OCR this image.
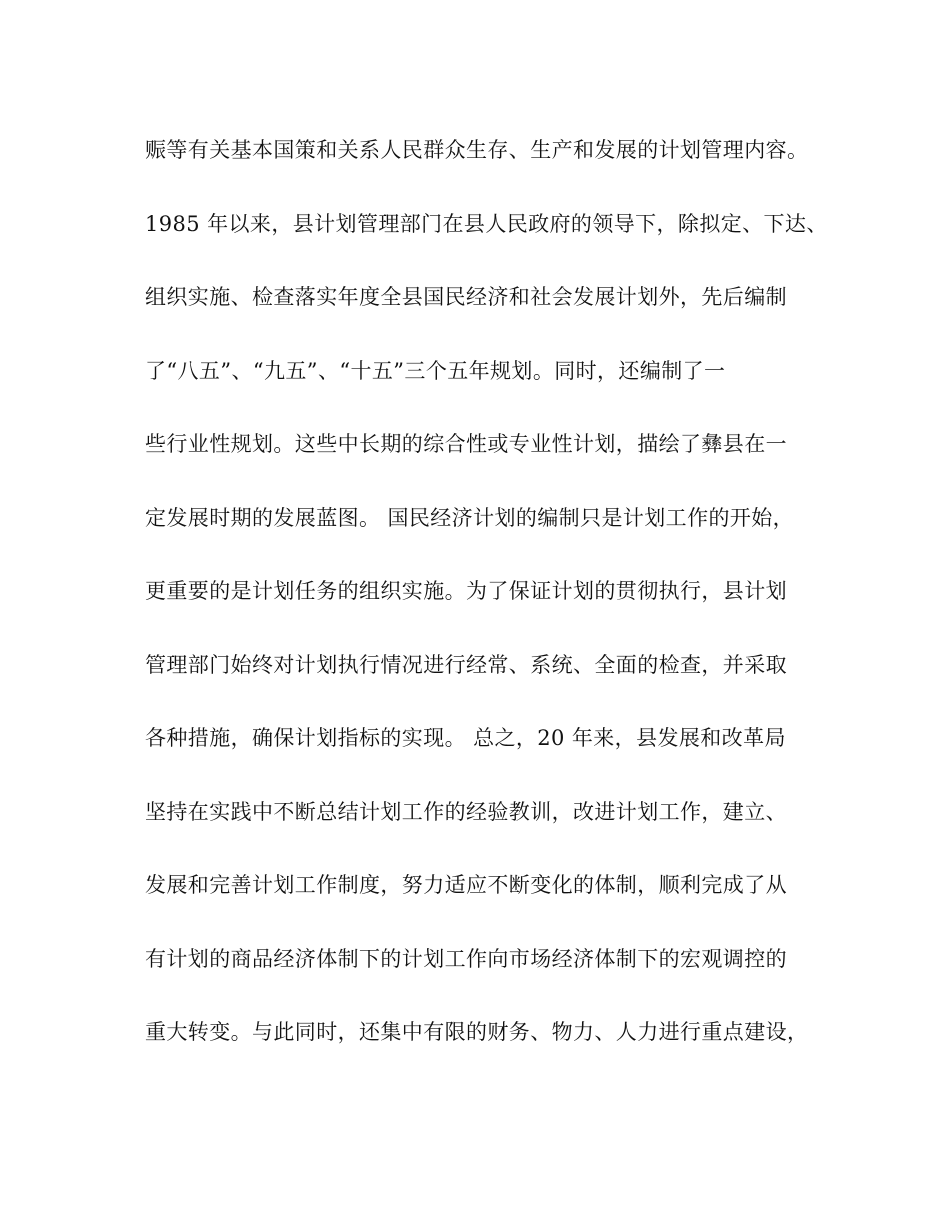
赈等有关基本国策和关系人民群众生存、生产和发展的计划管理内容。
1985 年以来，县计划管理部门在县人民政府的领导下，除拟定、下达、
组织实施、检查落实年度全县国民经济和社会发展计划外，先后编制
了“八五”、“九五”、“十五”三个五年规划。同时，还编制了一
些行业性规划。这些中长期的综合性或专业性计划，描绘了彝县在一
定发展时期的发展蓝图。 国民经济计划的编制只是计划工作的开始，
更重要的是计划任务的组织实施。为了保证计划的贯彻执行，县计划
管理部门始终对计划执行情况进行经常、系统、全面的检查，并采取
各种措施，确保计划指标的实现。 总之，20 年来，县发展和改革局
坚持在实践中不断总结计划工作的经验教训，改进计划工作，建立、
发展和完善计划工作制度，努力适应不断变化的体制，顺利完成了从
有计划的商品经济体制下的计划工作向市场经济体制下的宏观调控的
重大转变。与此同时，还集中有限的财务、物力、人力进行重点建设，
